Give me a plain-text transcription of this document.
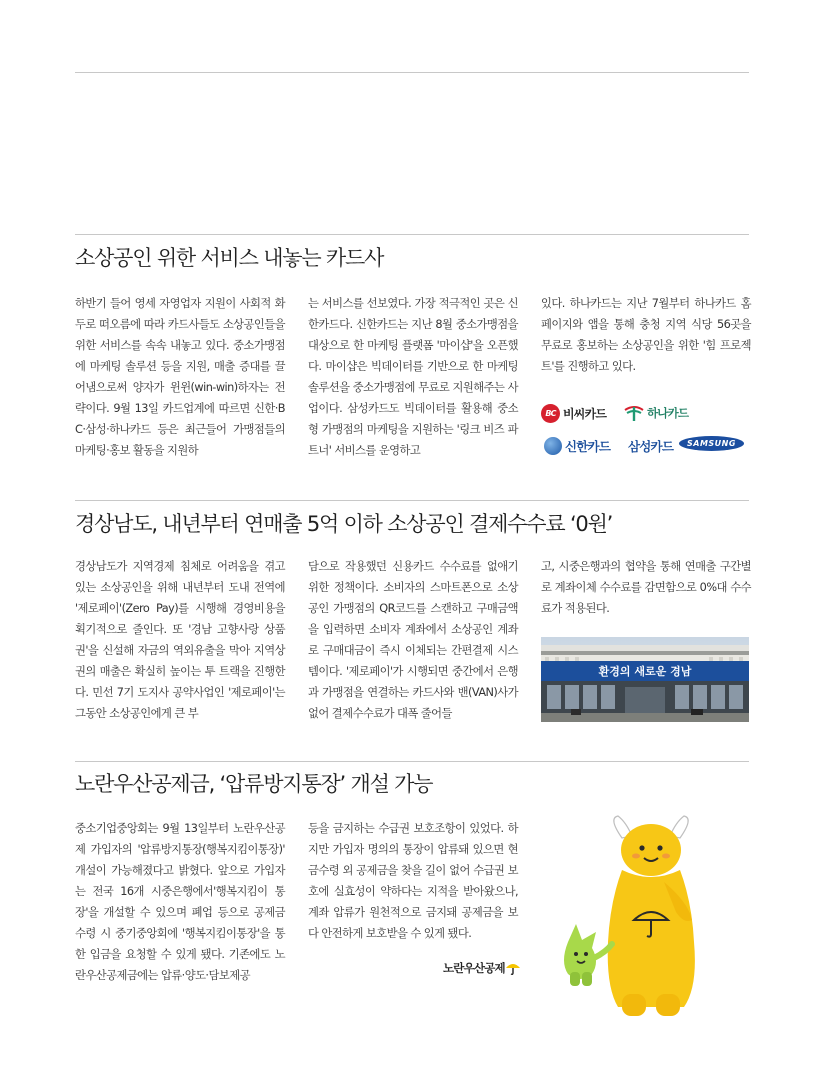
소상공인 위한 서비스 내놓는 카드사

하반기 들어 영세 자영업자 지원이 사회적 화두로 떠오름에 따라 카드사들도 소상공인들을 위한 서비스를 속속 내놓고 있다. 중소가맹점에 마케팅 솔루션 등을 지원, 매출 증대를 끌어냄으로써 양자가 윈윈(win-win)하자는 전략이다. 9월 13일 카드업계에 따르면 신한·BC·삼성·하나카드 등은 최근들어 가맹점들의 마케팅·홍보 활동을 지원하

는 서비스를 선보였다. 가장 적극적인 곳은 신한카드다. 신한카드는 지난 8월 중소가맹점을 대상으로 한 마케팅 플랫폼 '마이샵'을 오픈했다. 마이샵은 빅데이터를 기반으로 한 마케팅 솔루션을 중소가맹점에 무료로 지원해주는 사업이다. 삼성카드도 빅데이터를 활용해 중소형 가맹점의 마케팅을 지원하는 '링크 비즈 파트너' 서비스를 운영하고

있다. 하나카드는 지난 7월부터 하나카드 홈페이지와 앱을 통해 충청 지역 식당 56곳을 무료로 홍보하는 소상공인을 위한 '힘 프로젝트'를 진행하고 있다.

BC 비씨카드	하나카드
신한카드 삼성카드	SAMSUNG
경상남도, 내년부터 연매출 5억 이하 소상공인 결제수수료 ‘0원’

경상남도가 지역경제 침체로 어려움을 겪고 있는 소상공인을 위해 내년부터 도내 전역에 '제로페이'(Zero Pay)를 시행해 경영비용을 획기적으로 줄인다. 또 '경남 고향사랑 상품권'을 신설해 자금의 역외유출을 막아 지역상권의 매출은 확실히 높이는 투 트랙을 진행한다. 민선 7기 도지사 공약사업인 '제로페이'는 그동안 소상공인에게 큰 부

담으로 작용했던 신용카드 수수료를 없애기 위한 정책이다. 소비자의 스마트폰으로 소상공인 가맹점의 QR코드를 스캔하고 구매금액을 입력하면 소비자 계좌에서 소상공인 계좌로 구매대금이 즉시 이체되는 간편결제 시스템이다. '제로페이'가 시행되면 중간에서 은행과 가맹점을 연결하는 카드사와 밴(VAN)사가 없어 결제수수료가 대폭 줄어들

고, 시중은행과의 협약을 통해 연매출 구간별로 계좌이체 수수료를 감면함으로 0%대 수수료가 적용된다.

환경의 새로운 경남
노란우산공제금, ‘압류방지통장’ 개설 가능

중소기업중앙회는 9월 13일부터 노란우산공제 가입자의 '압류방지통장(행복지킴이통장)' 개설이 가능해졌다고 밝혔다. 앞으로 가입자는 전국 16개 시중은행에서'행복지킴이 통장'을 개설할 수 있으며 폐업 등으로 공제금 수령 시 중기중앙회에 '행복지킴이통장'을 통한 입금을 요청할 수 있게 됐다. 기존에도 노란우산공제금에는 압류·양도·담보제공

등을 금지하는 수급권 보호조항이 있었다. 하지만 가입자 명의의 통장이 압류돼 있으면 현금수령 외 공제금을 찾을 길이 없어 수급권 보호에 실효성이 약하다는 지적을 받아왔으나, 계좌 압류가 원천적으로 금지돼 공제금을 보다 안전하게 보호받을 수 있게 됐다.

노란우산공제
